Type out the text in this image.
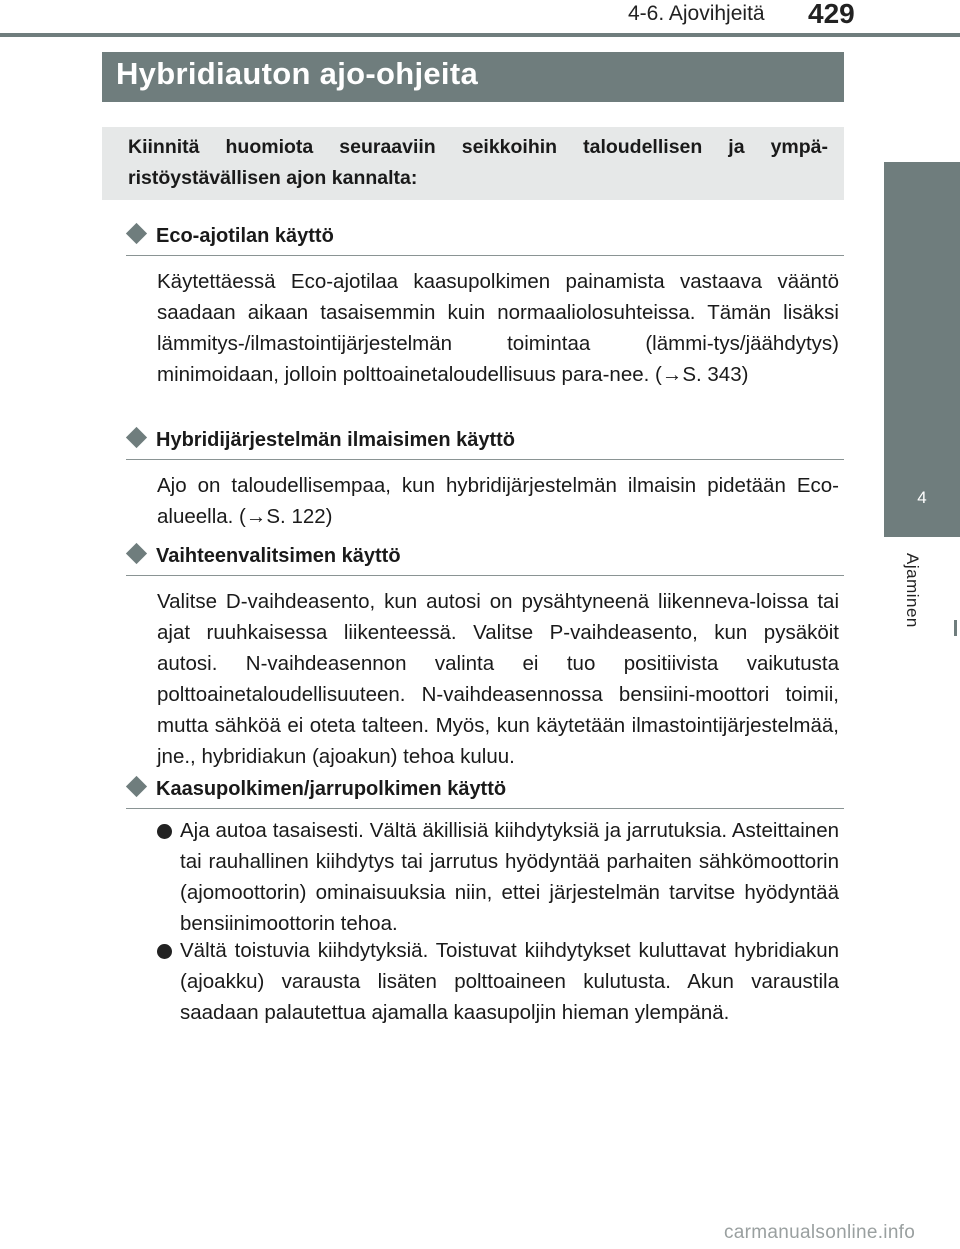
4-6. Ajovihjeitä 429
4
Ajaminen
Hybridiauton ajo-ohjeita
Kiinnitä huomiota seuraaviin seikkoihin taloudellisen ja ympä-ristöystävällisen ajon kannalta:
Eco-ajotilan käyttö
Käytettäessä Eco-ajotilaa kaasupolkimen painamista vastaava vääntö saadaan aikaan tasaisemmin kuin normaaliolosuhteissa. Tämän lisäksi lämmitys-/ilmastointijärjestelmän toimintaa (lämmi-tys/jäähdytys) minimoidaan, jolloin polttoainetaloudellisuus para-nee. (→S. 343)
Hybridijärjestelmän ilmaisimen käyttö
Ajo on taloudellisempaa, kun hybridijärjestelmän ilmaisin pidetään Eco-alueella. (→S. 122)
Vaihteenvalitsimen käyttö
Valitse D-vaihdeasento, kun autosi on pysähtyneenä liikenneva-loissa tai ajat ruuhkaisessa liikenteessä. Valitse P-vaihdeasento, kun pysäköit autosi. N-vaihdeasennon valinta ei tuo positiivista vaikutusta polttoainetaloudellisuuteen. N-vaihdeasennossa bensiini-moottori toimii, mutta sähköä ei oteta talteen. Myös, kun käytetään ilmastointijärjestelmää, jne., hybridiakun (ajoakun) tehoa kuluu.
Kaasupolkimen/jarrupolkimen käyttö
Aja autoa tasaisesti. Vältä äkillisiä kiihdytyksiä ja jarrutuksia. Asteittainen tai rauhallinen kiihdytys tai jarrutus hyödyntää parhaiten sähkömoottorin (ajomoottorin) ominaisuuksia niin, ettei järjestelmän tarvitse hyödyntää bensiinimoottorin tehoa.
Vältä toistuvia kiihdytyksiä. Toistuvat kiihdytykset kuluttavat hybridiakun (ajoakku) varausta lisäten polttoaineen kulutusta. Akun varaustila saadaan palautettua ajamalla kaasupoljin hieman ylempänä.
carmanualsonline.info
